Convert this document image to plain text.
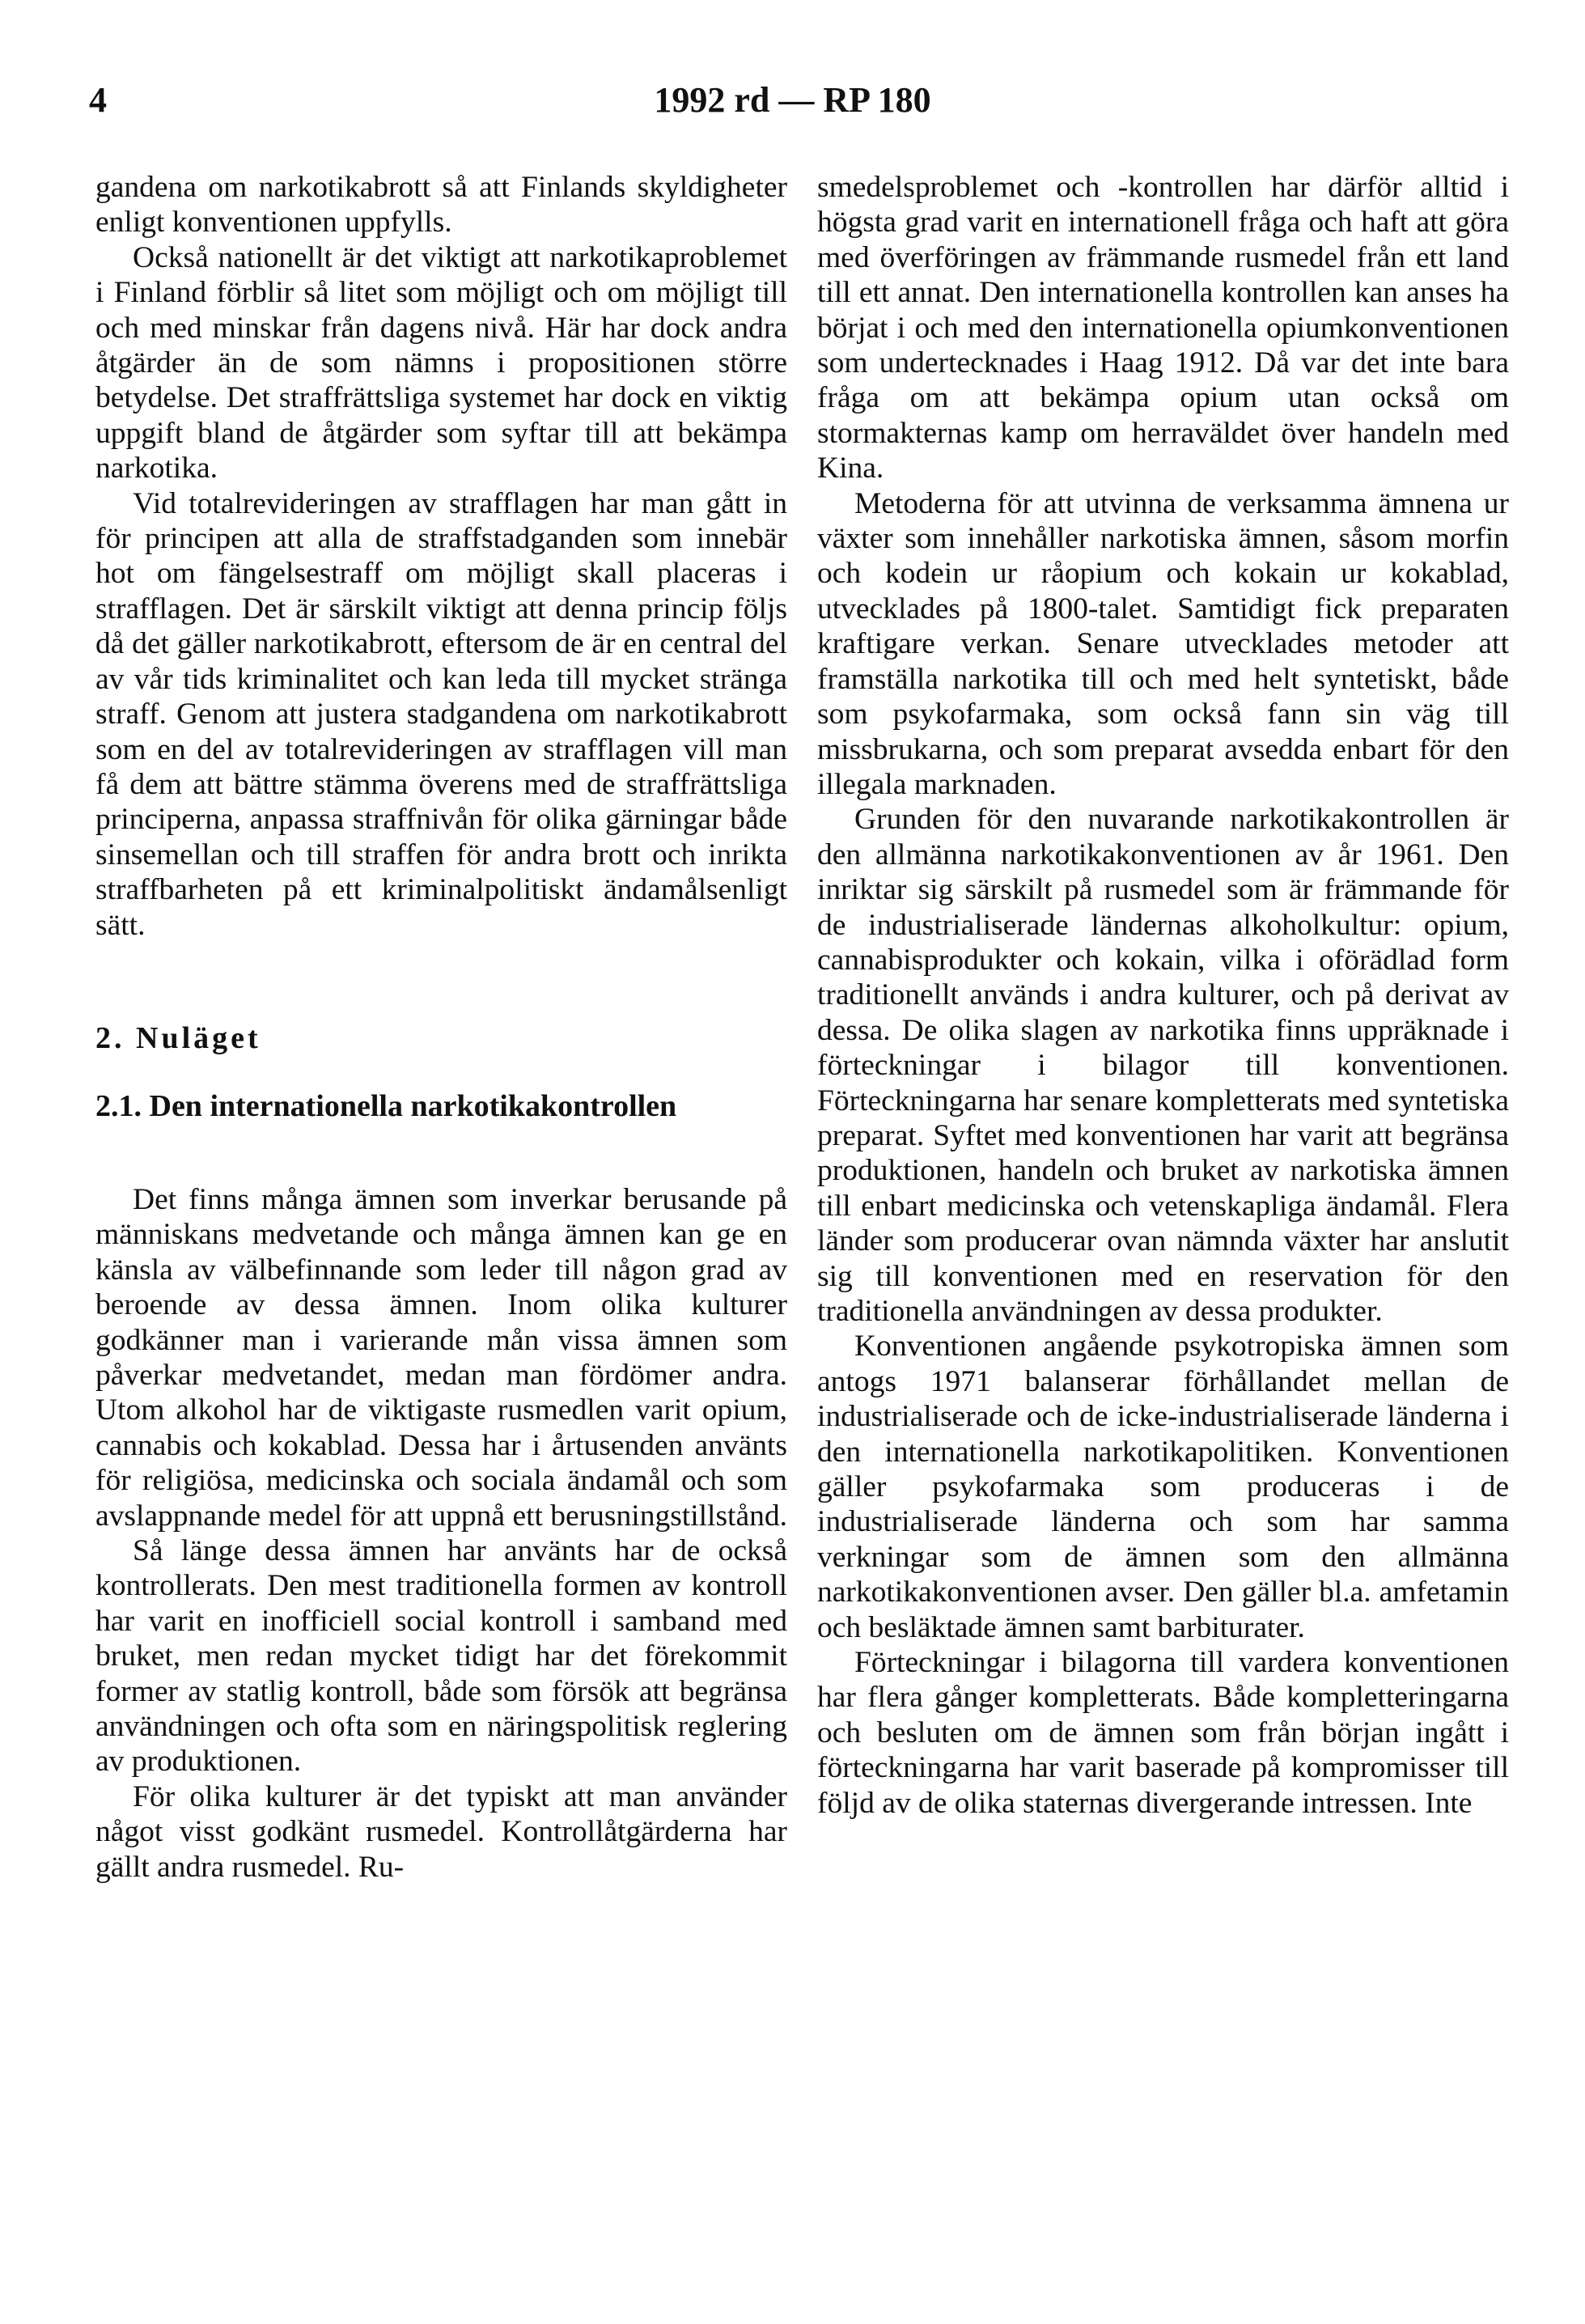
4	1992 rd — RP 180

gandena om narkotikabrott så att Finlands skyldigheter enligt konventionen uppfylls.

Också nationellt är det viktigt att narkotikaproblemet i Finland förblir så litet som möjligt och om möjligt till och med minskar från dagens nivå. Här har dock andra åtgärder än de som nämns i propositionen större betydelse. Det straffrättsliga systemet har dock en viktig uppgift bland de åtgärder som syftar till att bekämpa narkotika.

Vid totalrevideringen av strafflagen har man gått in för principen att alla de straffstadganden som innebär hot om fängelsestraff om möjligt skall placeras i strafflagen. Det är särskilt viktigt att denna princip följs då det gäller narkotikabrott, eftersom de är en central del av vår tids kriminalitet och kan leda till mycket stränga straff. Genom att justera stadgandena om narkotikabrott som en del av totalrevideringen av strafflagen vill man få dem att bättre stämma överens med de straffrättsliga principerna, anpassa straffnivån för olika gärningar både sinsemellan och till straffen för andra brott och inrikta straffbarheten på ett kriminalpolitiskt ändamålsenligt sätt.

2. Nuläget
2.1. Den internationella narkotikakontrollen

Det finns många ämnen som inverkar berusande på människans medvetande och många ämnen kan ge en känsla av välbefinnande som leder till någon grad av beroende av dessa ämnen. Inom olika kulturer godkänner man i varierande mån vissa ämnen som påverkar medvetandet, medan man fördömer andra. Utom alkohol har de viktigaste rusmedlen varit opium, cannabis och kokablad. Dessa har i årtusenden använts för religiösa, medicinska och sociala ändamål och som avslappnande medel för att uppnå ett berusningstillstånd.

Så länge dessa ämnen har använts har de också kontrollerats. Den mest traditionella formen av kontroll har varit en inofficiell social kontroll i samband med bruket, men redan mycket tidigt har det förekommit former av statlig kontroll, både som försök att begränsa användningen och ofta som en näringspolitisk reglering av produktionen.

För olika kulturer är det typiskt att man använder något visst godkänt rusmedel. Kontrollåtgärderna har gällt andra rusmedel. Ru-

smedelsproblemet och -kontrollen har därför alltid i högsta grad varit en internationell fråga och haft att göra med överföringen av främmande rusmedel från ett land till ett annat. Den internationella kontrollen kan anses ha börjat i och med den internationella opiumkonventionen som undertecknades i Haag 1912. Då var det inte bara fråga om att bekämpa opium utan också om stormakternas kamp om herraväldet över handeln med Kina.

Metoderna för att utvinna de verksamma ämnena ur växter som innehåller narkotiska ämnen, såsom morfin och kodein ur råopium och kokain ur kokablad, utvecklades på 1800-talet. Samtidigt fick preparaten kraftigare verkan. Senare utvecklades metoder att framställa narkotika till och med helt syntetiskt, både som psykofarmaka, som också fann sin väg till missbrukarna, och som preparat avsedda enbart för den illegala marknaden.

Grunden för den nuvarande narkotikakontrollen är den allmänna narkotikakonventionen av år 1961. Den inriktar sig särskilt på rusmedel som är främmande för de industrialiserade ländernas alkoholkultur: opium, cannabisprodukter och kokain, vilka i oförädlad form traditionellt används i andra kulturer, och på derivat av dessa. De olika slagen av narkotika finns uppräknade i förteckningar i bilagor till konventionen. Förteckningarna har senare kompletterats med syntetiska preparat. Syftet med konventionen har varit att begränsa produktionen, handeln och bruket av narkotiska ämnen till enbart medicinska och vetenskapliga ändamål. Flera länder som producerar ovan nämnda växter har anslutit sig till konventionen med en reservation för den traditionella användningen av dessa produkter.

Konventionen angående psykotropiska ämnen som antogs 1971 balanserar förhållandet mellan de industrialiserade och de icke-industrialiserade länderna i den internationella narkotikapolitiken. Konventionen gäller psykofarmaka som produceras i de industrialiserade länderna och som har samma verkningar som de ämnen som den allmänna narkotikakonventionen avser. Den gäller bl.a. amfetamin och besläktade ämnen samt barbiturater.

Förteckningar i bilagorna till vardera konventionen har flera gånger kompletterats. Både kompletteringarna och besluten om de ämnen som från början ingått i förteckningarna har varit baserade på kompromisser till följd av de olika staternas divergerande intressen. Inte
